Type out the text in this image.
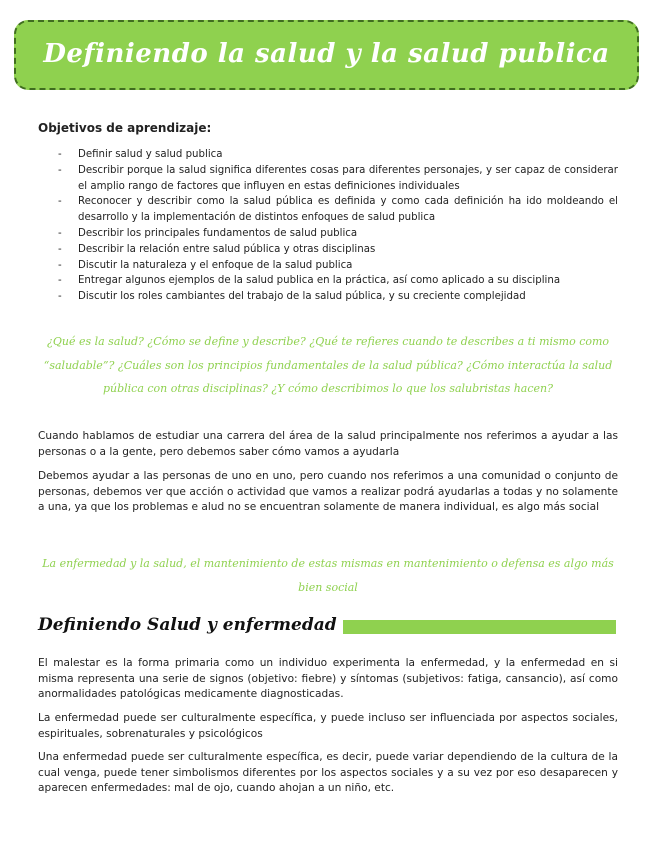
Definiendo la salud y la salud publica
Objetivos de aprendizaje:
- Definir salud y salud publica
- Describir porque la salud significa diferentes cosas para diferentes personajes, y ser capaz de considerar el amplio rango de factores que influyen en estas definiciones individuales
- Reconocer y describir como la salud pública es definida y como cada definición ha ido moldeando el desarrollo y la implementación de distintos enfoques de salud publica
- Describir los principales fundamentos de salud publica
- Describir la relación entre salud pública y otras disciplinas
- Discutir la naturaleza y el enfoque de la salud publica
- Entregar algunos ejemplos de la salud publica en la práctica, así como aplicado a su disciplina
- Discutir los roles cambiantes del trabajo de la salud pública, y su creciente complejidad
¿Qué es la salud? ¿Cómo se define y describe? ¿Qué te refieres cuando te describes a ti mismo como “saludable”? ¿Cuáles son los principios fundamentales de la salud pública? ¿Cómo interactúa la salud pública con otras disciplinas? ¿Y cómo describimos lo que los salubristas hacen?
Cuando hablamos de estudiar una carrera del área de la salud principalmente nos referimos a ayudar a las personas o a la gente, pero debemos saber cómo vamos a ayudarla
Debemos ayudar a las personas de uno en uno, pero cuando nos referimos a una comunidad o conjunto de personas, debemos ver que acción o actividad que vamos a realizar podrá ayudarlas a todas y no solamente a una, ya que los problemas e alud no se encuentran solamente de manera individual, es algo más social
La enfermedad y la salud, el mantenimiento de estas mismas en mantenimiento o defensa es algo más bien social
Definiendo Salud y enfermedad
El malestar es la forma primaria como un individuo experimenta la enfermedad, y la enfermedad en si misma representa una serie de signos (objetivo: fiebre) y síntomas (subjetivos: fatiga, cansancio), así como anormalidades patológicas medicamente diagnosticadas.
La enfermedad puede ser culturalmente específica, y puede incluso ser influenciada por aspectos sociales, espirituales, sobrenaturales y psicológicos
Una enfermedad puede ser culturalmente específica, es decir, puede variar dependiendo de la cultura de la cual venga, puede tener simbolismos diferentes por los aspectos sociales y a su vez por eso desaparecen y aparecen enfermedades: mal de ojo, cuando ahojan a un niño, etc.
